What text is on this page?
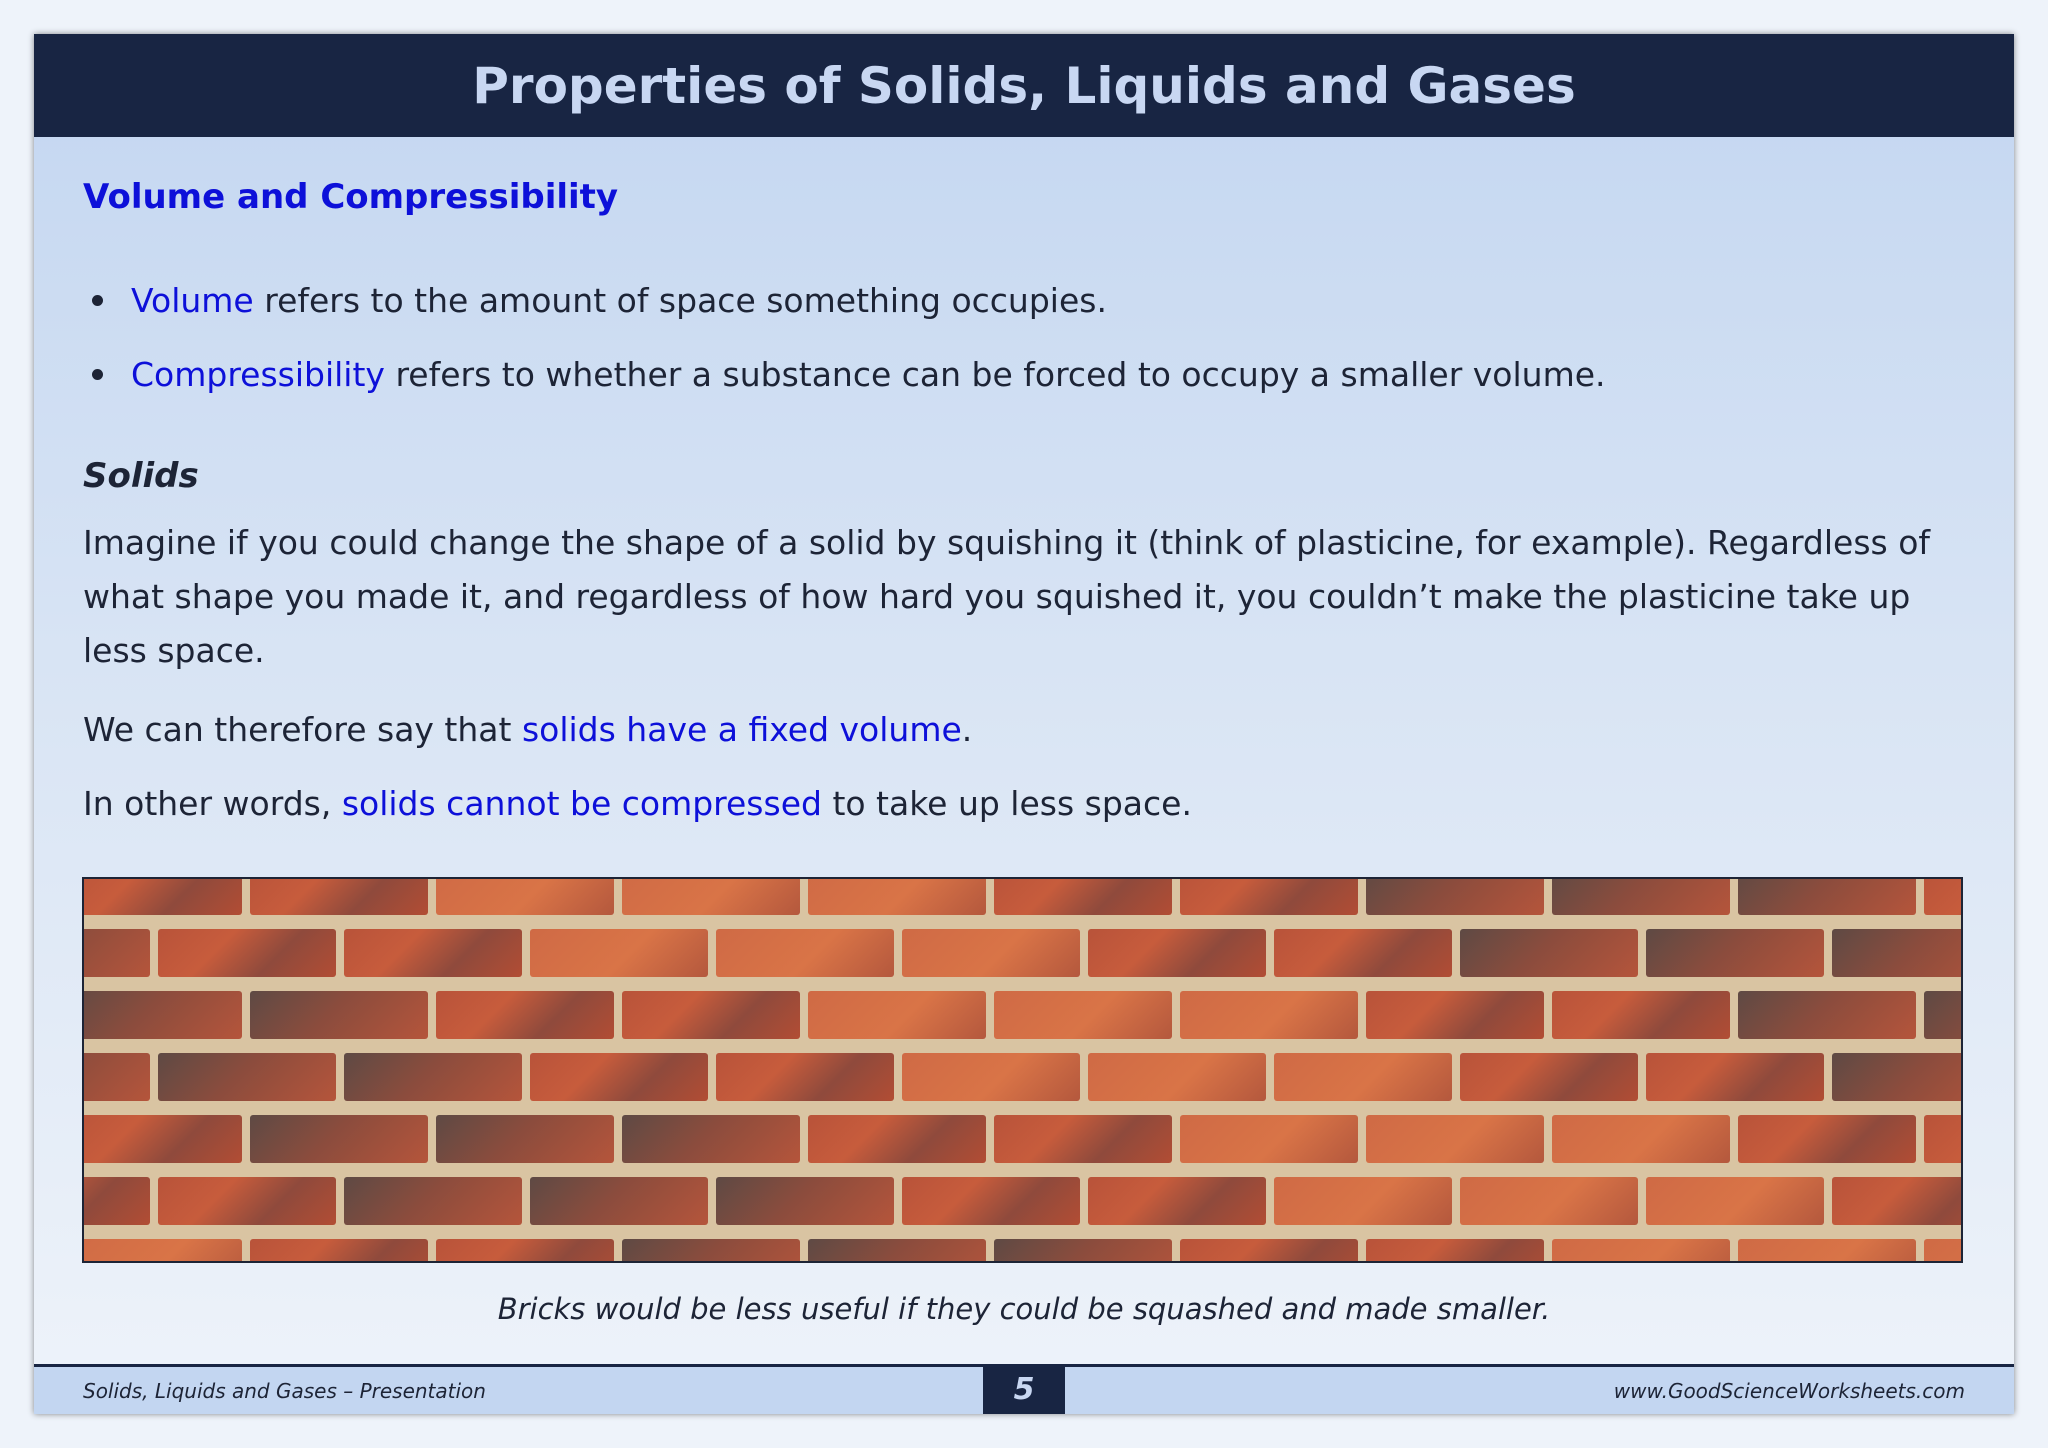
Properties of Solids, Liquids and Gases
Volume and Compressibility
Volume refers to the amount of space something occupies.
Compressibility refers to whether a substance can be forced to occupy a smaller volume.
Solids

Imagine if you could change the shape of a solid by squishing it (think of plasticine, for example). Regardless of what shape you made it, and regardless of how hard you squished it, you couldn’t make the plasticine take up less space.

We can therefore say that solids have a fixed volume.

In other words, solids cannot be compressed to take up less space.

Bricks would be less useful if they could be squashed and made smaller.

Solids, Liquids and Gases – Presentation	5	www.GoodScienceWorksheets.com
